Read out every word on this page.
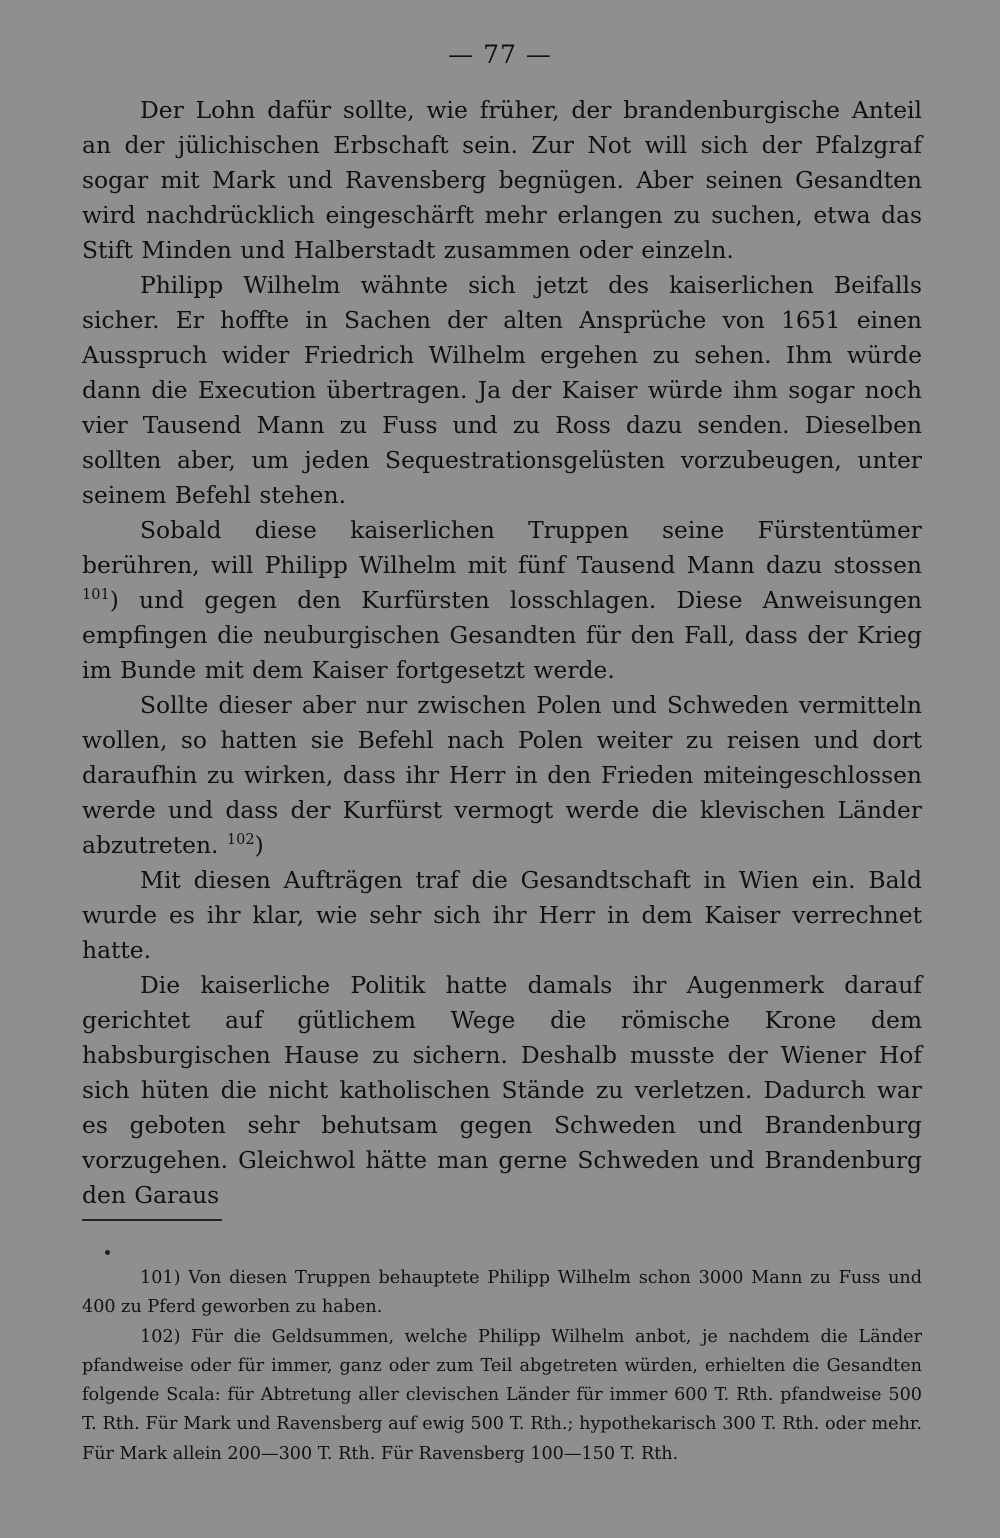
— 77 —

Der Lohn dafür sollte, wie früher, der brandenburgische Anteil an der jülichischen Erbschaft sein. Zur Not will sich der Pfalzgraf sogar mit Mark und Ravensberg begnügen. Aber seinen Gesandten wird nachdrücklich eingeschärft mehr erlangen zu suchen, etwa das Stift Minden und Halberstadt zusammen oder einzeln.

Philipp Wilhelm wähnte sich jetzt des kaiserlichen Beifalls sicher. Er hoffte in Sachen der alten Ansprüche von 1651 einen Ausspruch wider Friedrich Wilhelm ergehen zu sehen. Ihm würde dann die Execution übertragen. Ja der Kaiser würde ihm sogar noch vier Tausend Mann zu Fuss und zu Ross dazu senden. Dieselben sollten aber, um jeden Sequestrationsgelüsten vorzubeugen, unter seinem Befehl stehen.

Sobald diese kaiserlichen Truppen seine Fürstentümer berühren, will Philipp Wilhelm mit fünf Tausend Mann dazu stossen $^{101}$) und gegen den Kurfürsten losschlagen. Diese Anweisungen empfingen die neuburgischen Gesandten für den Fall, dass der Krieg im Bunde mit dem Kaiser fortgesetzt werde.

Sollte dieser aber nur zwischen Polen und Schweden vermitteln wollen, so hatten sie Befehl nach Polen weiter zu reisen und dort daraufhin zu wirken, dass ihr Herr in den Frieden miteingeschlossen werde und dass der Kurfürst vermogt werde die klevischen Länder abzutreten. $^{102}$)

Mit diesen Aufträgen traf die Gesandtschaft in Wien ein. Bald wurde es ihr klar, wie sehr sich ihr Herr in dem Kaiser verrechnet hatte.

Die kaiserliche Politik hatte damals ihr Augenmerk darauf gerichtet auf gütlichem Wege die römische Krone dem habsburgischen Hause zu sichern. Deshalb musste der Wiener Hof sich hüten die nicht katholischen Stände zu verletzen. Dadurch war es geboten sehr behutsam gegen Schweden und Brandenburg vorzugehen. Gleichwol hätte man gerne Schweden und Brandenburg den Garaus

101) Von diesen Truppen behauptete Philipp Wilhelm schon 3000 Mann zu Fuss und 400 zu Pferd geworben zu haben.

102) Für die Geldsummen, welche Philipp Wilhelm anbot, je nachdem die Länder pfandweise oder für immer, ganz oder zum Teil abgetreten würden, erhielten die Gesandten folgende Scala: für Abtretung aller clevischen Länder für immer 600 T. Rth. pfandweise 500 T. Rth. Für Mark und Ravensberg auf ewig 500 T. Rth.; hypothekarisch 300 T. Rth. oder mehr. Für Mark allein 200—300 T. Rth. Für Ravensberg 100—150 T. Rth.
